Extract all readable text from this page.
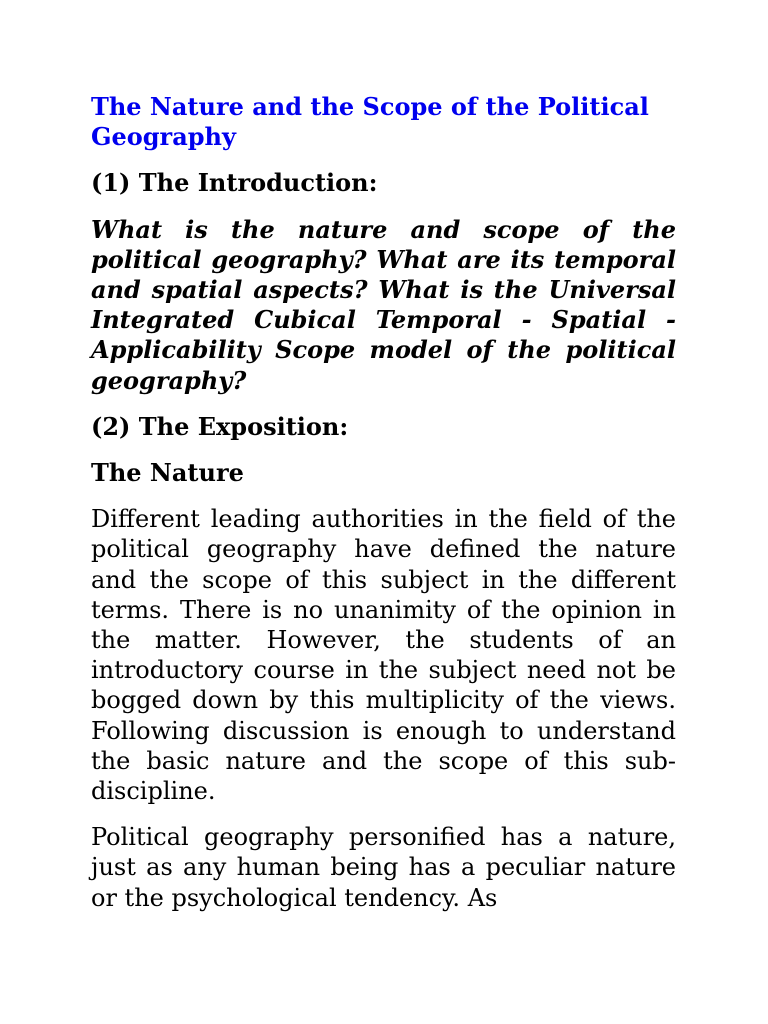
The Nature and the Scope of the Political Geography
(1) The Introduction:
What is the nature and scope of the political geography? What are its temporal and spatial aspects? What is the Universal Integrated Cubical Temporal - Spatial - Applicability Scope model of the political geography?
(2) The Exposition:
The Nature
Different leading authorities in the field of the political geography have defined the nature and the scope of this subject in the different terms. There is no unanimity of the opinion in the matter. However, the students of an introductory course in the subject need not be bogged down by this multiplicity of the views. Following discussion is enough to understand the basic nature and the scope of this sub-discipline.
Political geography personified has a nature, just as any human being has a peculiar nature or the psychological tendency. As
